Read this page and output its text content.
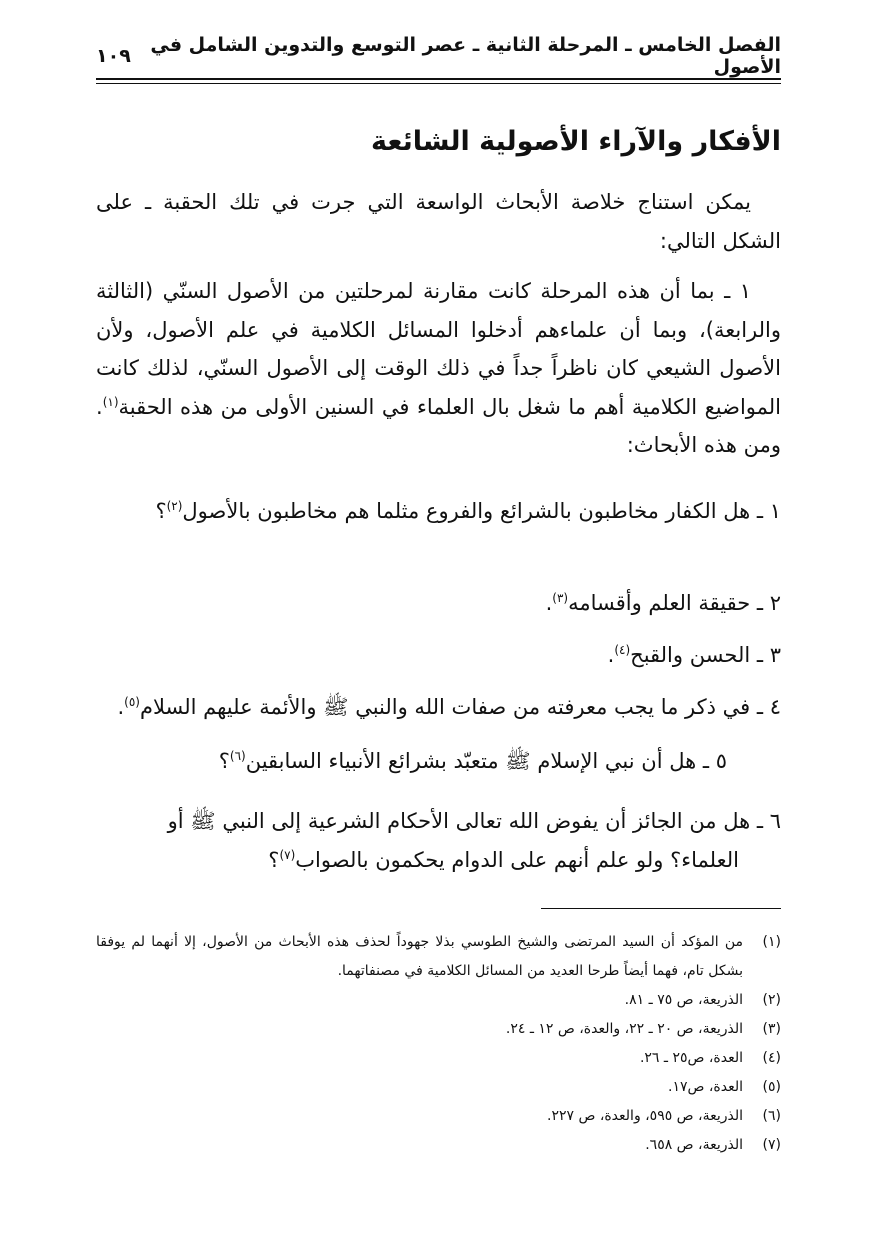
الفصل الخامس ـ المرحلة الثانية ـ عصر التوسع والتدوين الشامل في الأصول
١٠٩
الأفكار والآراء الأصولية الشائعة

يمكن استناج خلاصة الأبحاث الواسعة التي جرت في تلك الحقبة ـ على الشكل التالي:

١ ـ بما أن هذه المرحلة كانت مقارنة لمرحلتين من الأصول السنّي (الثالثة والرابعة)، وبما أن علماءهم أدخلوا المسائل الكلامية في علم الأصول، ولأن الأصول الشيعي كان ناظراً جداً في ذلك الوقت إلى الأصول السنّي، لذلك كانت المواضيع الكلامية أهم ما شغل بال العلماء في السنين الأولى من هذه الحقبة$^{(١)}$. ومن هذه الأبحاث:

١ ـ هل الكفار مخاطبون بالشرائع والفروع مثلما هم مخاطبون بالأصول$^{(٢)}$؟
٢ ـ حقيقة العلم وأقسامه$^{(٣)}$.
٣ ـ الحسن والقبح$^{(٤)}$.
٤ ـ في ذكر ما يجب معرفته من صفات الله والنبي ﷺ والأئمة عليهم السلام$^{(٥)}$.
٥ ـ هل أن نبي الإسلام ﷺ متعبّد بشرائع الأنبياء السابقين$^{(٦)}$؟
٦ ـ هل من الجائز أن يفوض الله تعالى الأحكام الشرعية إلى النبي ﷺ أو العلماء؟ ولو علم أنهم على الدوام يحكمون بالصواب$^{(٧)}$؟

(١)من المؤكد أن السيد المرتضى والشيخ الطوسي بذلا جهوداً لحذف هذه الأبحاث من الأصول، إلا أنهما لم يوفقا بشكل تام، فهما أيضاً طرحا العديد من المسائل الكلامية في مصنفاتهما.

(٢)الذريعة، ص ٧٥ ـ ٨١.

(٣)الذريعة، ص ٢٠ ـ ٢٢، والعدة، ص ١٢ ـ ٢٤.

(٤)العدة، ص٢٥ ـ ٢٦.

(٥)العدة، ص١٧.

(٦)الذريعة، ص ٥٩٥، والعدة، ص ٢٢٧.

(٧)الذريعة، ص ٦٥٨.
